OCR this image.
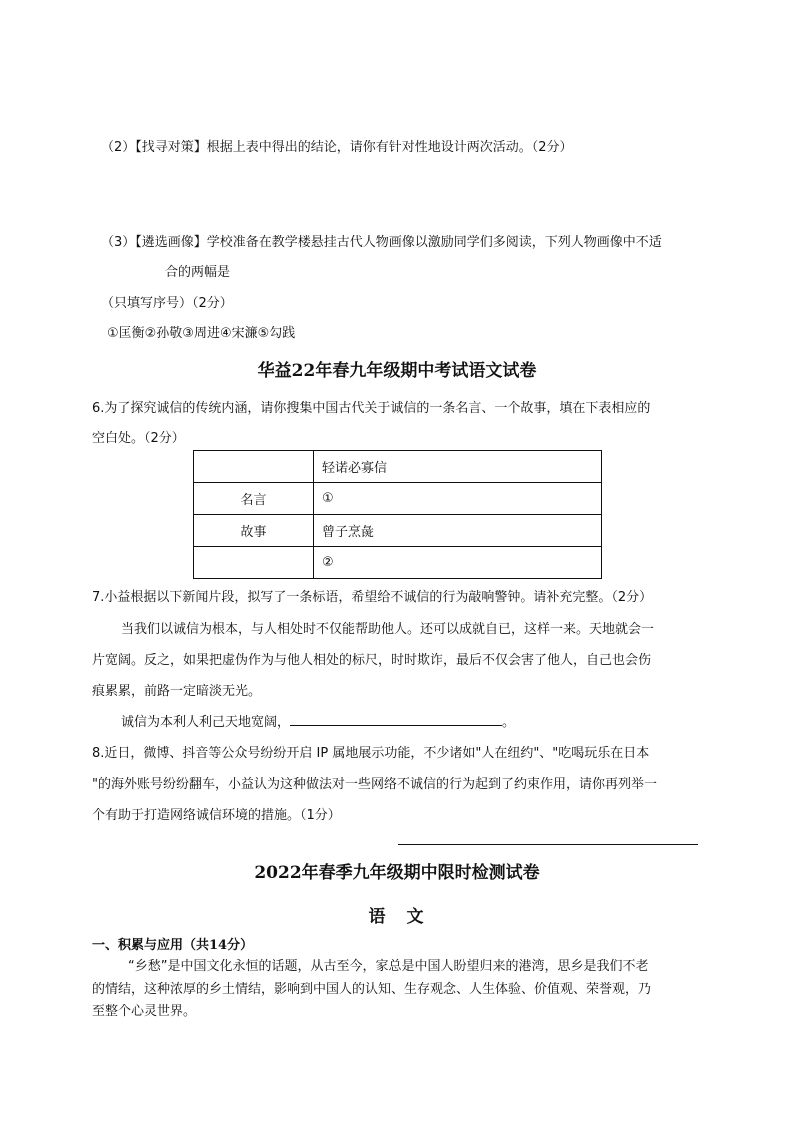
（2）【找寻对策】根据上表中得出的结论，请你有针对性地设计两次活动。（2分）
（3）【遴选画像】学校准备在教学楼悬挂古代人物画像以激励同学们多阅读，下列人物画像中不适
合的两幅是
（只填写序号）（2分）
①匡衡②孙敬③周进④宋濂⑤勾践
华益22年春九年级期中考试语文试卷
6.为了探究诚信的传统内涵，请你搜集中国古代关于诚信的一条名言、一个故事，填在下表相应的
空白处。（2分）
	轻诺必寡信
名言	①
故事	曾子烹彘
	②
7.小益根据以下新闻片段，拟写了一条标语，希望给不诚信的行为敲响警钟。请补充完整。（2分）
当我们以诚信为根本，与人相处时不仅能帮助他人。还可以成就自已，这样一来。天地就会一
片宽阔。反之，如果把虚伪作为与他人相处的标尺，时时欺诈，最后不仅会害了他人，自己也会伤
痕累累，前路一定暗淡无光。
诚信为本利人利己天地宽阔，	。
8.近日，微博、抖音等公众号纷纷开启 IP 属地展示功能，不少诸如"人在纽约"、"吃喝玩乐在日本
"的海外账号纷纷翻车，小益认为这种做法对一些网络不诚信的行为起到了约束作用，请你再列举一
个有助于打造网络诚信环境的措施。（1分）
2022年春季九年级期中限时检测试卷
语　文
一、积累与应用（共14分）
“乡愁”是中国文化永恒的话题，从古至今，家总是中国人盼望归来的港湾，思乡是我们不老
的情结，这种浓厚的乡土情结，影响到中国人的认知、生存观念、人生体验、价值观、荣誉观，乃
至整个心灵世界。
